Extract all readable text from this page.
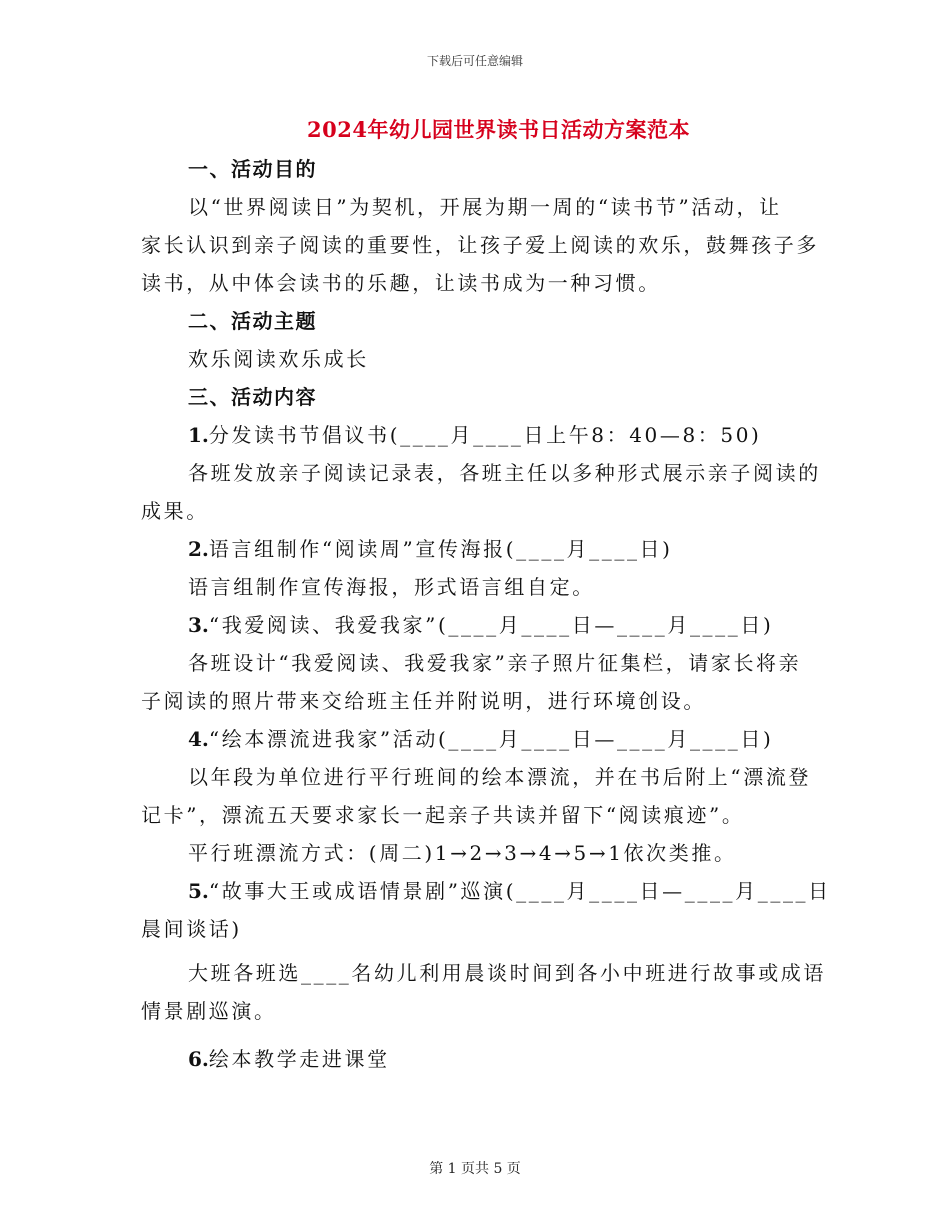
下载后可任意编辑
2024年幼儿园世界读书日活动方案范本
一、活动目的
以“世界阅读日”为契机，开展为期一周的“读书节”活动，让
家长认识到亲子阅读的重要性，让孩子爱上阅读的欢乐，鼓舞孩子多
读书，从中体会读书的乐趣，让读书成为一种习惯。
二、活动主题
欢乐阅读欢乐成长
三、活动内容
1.分发读书节倡议书(____月____日上午8：40—8：50)
各班发放亲子阅读记录表，各班主任以多种形式展示亲子阅读的
成果。
2.语言组制作“阅读周”宣传海报(____月____日)
语言组制作宣传海报，形式语言组自定。
3.“我爱阅读、我爱我家”(____月____日—____月____日)
各班设计“我爱阅读、我爱我家”亲子照片征集栏，请家长将亲
子阅读的照片带来交给班主任并附说明，进行环境创设。
4.“绘本漂流进我家”活动(____月____日—____月____日)
以年段为单位进行平行班间的绘本漂流，并在书后附上“漂流登
记卡”，漂流五天要求家长一起亲子共读并留下“阅读痕迹”。
平行班漂流方式：(周二)1→2→3→4→5→1依次类推。
5.“故事大王或成语情景剧”巡演(____月____日—____月____日
晨间谈话)
大班各班选____名幼儿利用晨谈时间到各小中班进行故事或成语
情景剧巡演。
6.绘本教学走进课堂
第 1 页共 5 页
